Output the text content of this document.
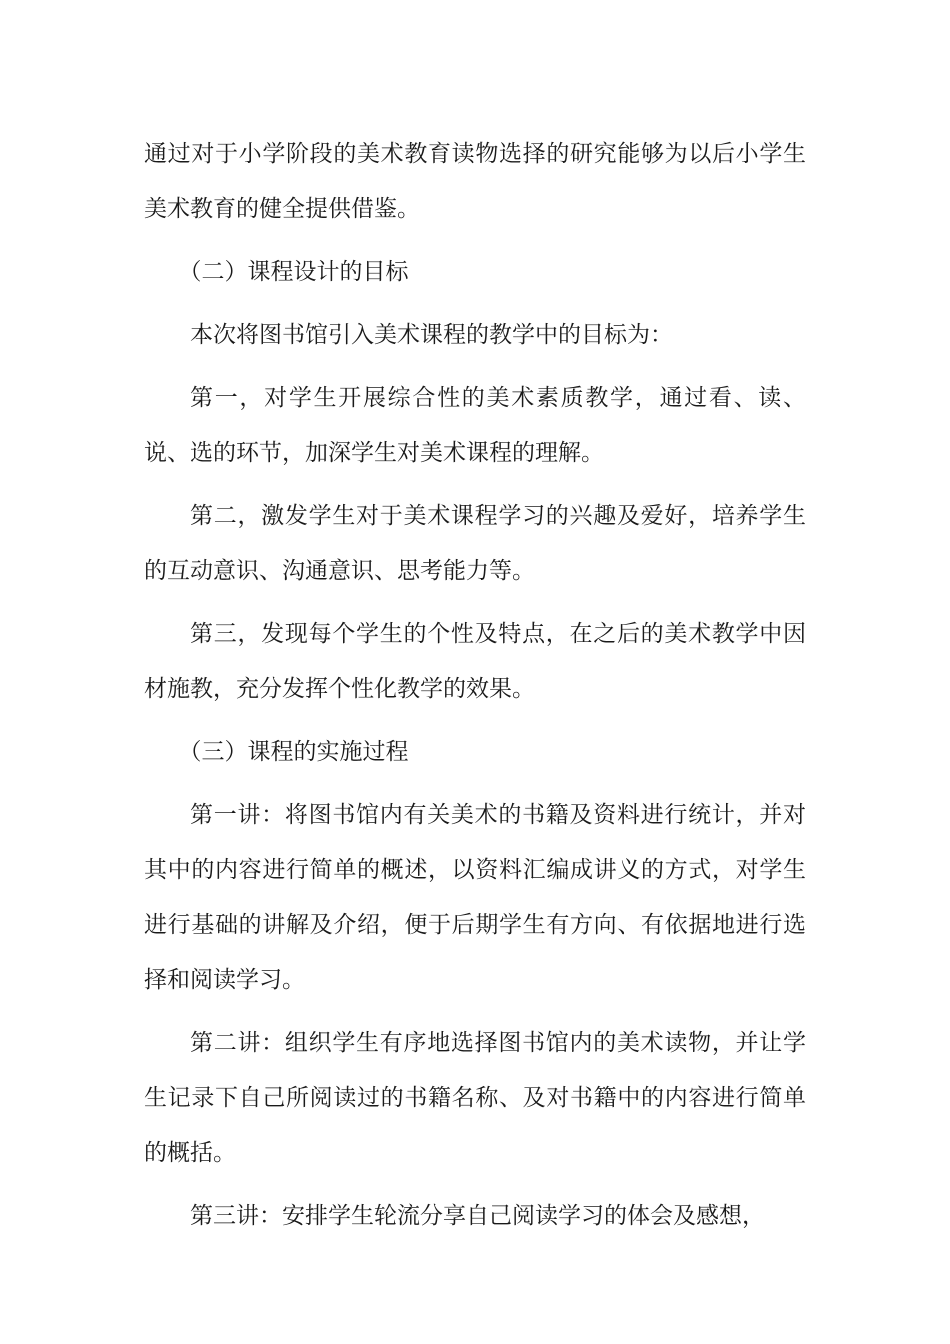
通过对于小学阶段的美术教育读物选择的研究能够为以后小学生美术教育的健全提供借鉴。

（二）课程设计的目标

本次将图书馆引入美术课程的教学中的目标为：

第一，对学生开展综合性的美术素质教学，通过看、读、说、选的环节，加深学生对美术课程的理解。

第二，激发学生对于美术课程学习的兴趣及爱好，培养学生的互动意识、沟通意识、思考能力等。

第三，发现每个学生的个性及特点，在之后的美术教学中因材施教，充分发挥个性化教学的效果。

（三）课程的实施过程

第一讲：将图书馆内有关美术的书籍及资料进行统计，并对其中的内容进行简单的概述，以资料汇编成讲义的方式，对学生进行基础的讲解及介绍，便于后期学生有方向、有依据地进行选择和阅读学习。

第二讲：组织学生有序地选择图书馆内的美术读物，并让学生记录下自己所阅读过的书籍名称、及对书籍中的内容进行简单的概括。

第三讲：安排学生轮流分享自己阅读学习的体会及感想，
